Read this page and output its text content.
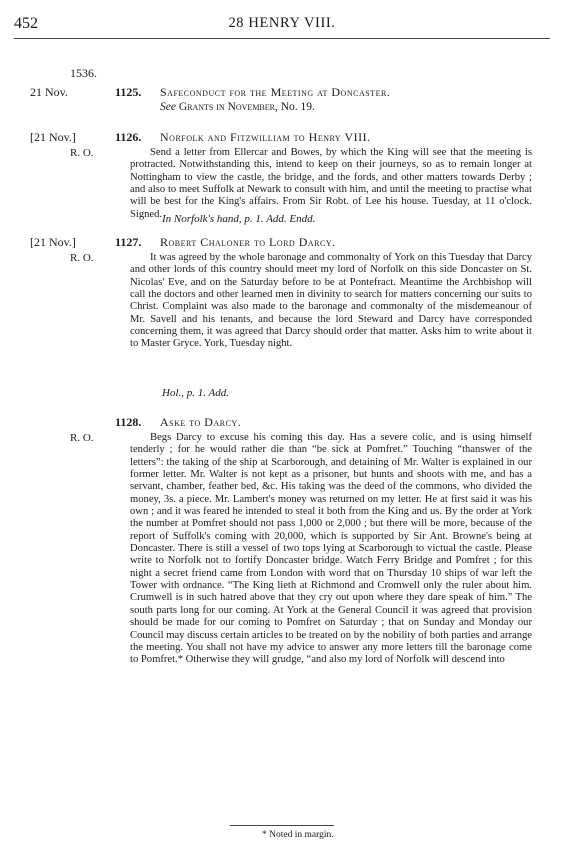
452	28 HENRY VIII.
1536.
21 Nov.	1125. Safeconduct for the Meeting at Doncaster.
See Grants in November, No. 19.
[21 Nov.]	1126. Norfolk and Fitzwilliam to Henry VIII.
R. O.	Send a letter from Ellercar and Bowes, by which the King will see that the meeting is protracted. Notwithstanding this, intend to keep on their journeys, so as to remain longer at Nottingham to view the castle, the bridge, and the fords, and other matters towards Derby ; and also to meet Suffolk at Newark to consult with him, and until the meeting to practise what will be best for the King's affairs. From Sir Robt. of Lee his house. Tuesday, at 11 o'clock. Signed. In Norfolk's hand, p. 1. Add. Endd.
[21 Nov.]	1127. Robert Chaloner to Lord Darcy.
R. O.	It was agreed by the whole baronage and commonalty of York on this Tuesday that Darcy and other lords of this country should meet my lord of Norfolk on this side Doncaster on St. Nicolas' Eve, and on the Saturday before to be at Pontefract. Meantime the Archbishop will call the doctors and other learned men in divinity to search for matters concerning our suits to Christ. Complaint was also made to the baronage and commonalty of the misdemeanour of Mr. Savell and his tenants, and because the lord Steward and Darcy have corresponded concerning them, it was agreed that Darcy should order that matter. Asks him to write about it to Master Gryce. York, Tuesday night.
Hol., p. 1. Add.
1128. Aske to Darcy.
R. O.	Begs Darcy to excuse his coming this day. Has a severe colic, and is using himself tenderly ; for he would rather die than “be sick at Pomfret.” Touching “thanswer of the letters”: the taking of the ship at Scarborough, and detaining of Mr. Walter is explained in our former letter. Mr. Walter is not kept as a prisoner, but hunts and shoots with me, and has a servant, chamber, feather bed, &c. His taking was the deed of the commons, who divided the money, 3s. a piece. Mr. Lambert's money was returned on my letter. He at first said it was his own ; and it was feared he intended to steal it both from the King and us. By the order at York the number at Pomfret should not pass 1,000 or 2,000 ; but there will be more, because of the report of Suffolk's coming with 20,000, which is supported by Sir Ant. Browne's being at Doncaster. There is still a vessel of two tops lying at Scarborough to victual the castle. Please write to Norfolk not to fortify Doncaster bridge. Watch Ferry Bridge and Pomfret ; for this night a secret friend came from London with word that on Thursday 10 ships of war left the Tower with ordnance. “The King lieth at Richmond and Cromwell only the ruler about him. Crumwell is in such hatred above that they cry out upon where they dare speak of him.” The south parts long for our coming. At York at the General Council it was agreed that provision should be made for our coming to Pomfret on Saturday ; that on Sunday and Monday our Council may discuss certain articles to be treated on by the nobility of both parties and arrange the meeting. You shall not have my advice to answer any more letters till the baronage come to Pomfret.* Otherwise they will grudge, “and also my lord of Norfolk will descend into
* Noted in margin.
